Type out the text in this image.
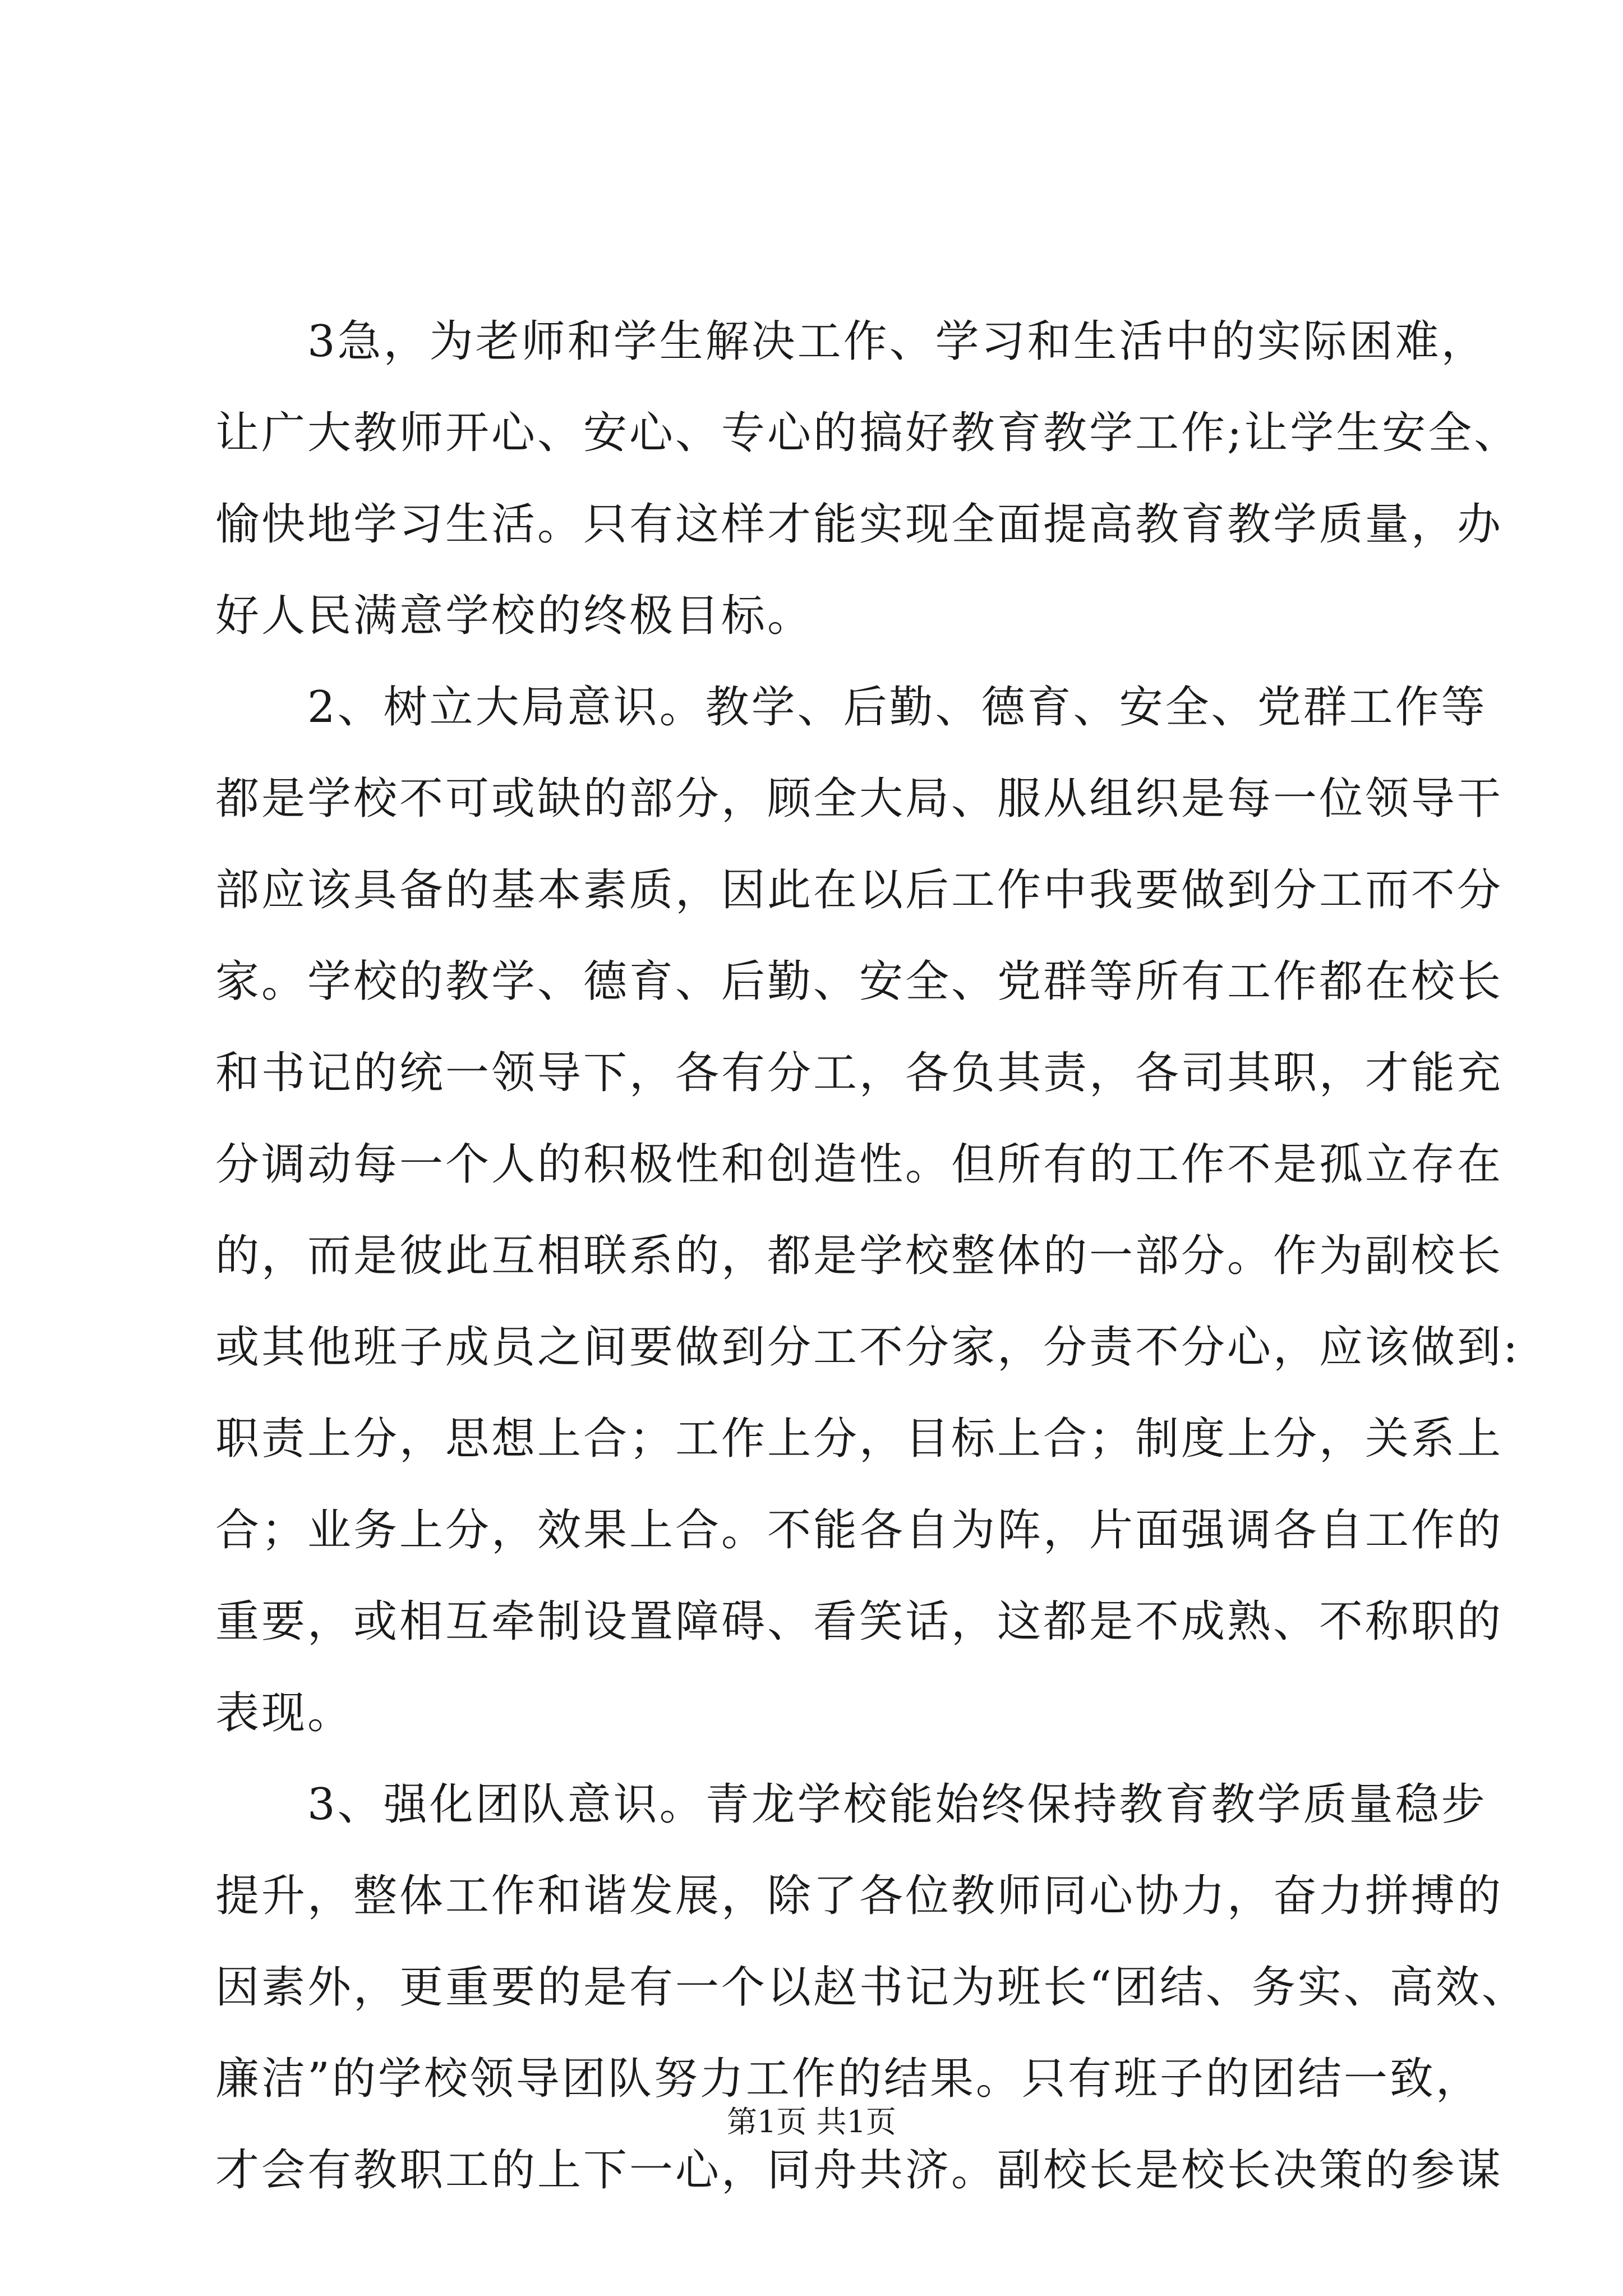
3急，为老师和学生解决工作、学习和生活中的实际困难，
让广大教师开心、安心、专心的搞好教育教学工作;让学生安全、
愉快地学习生活。只有这样才能实现全面提高教育教学质量，办
好人民满意学校的终极目标。
2、树立大局意识。教学、后勤、德育、安全、党群工作等
都是学校不可或缺的部分，顾全大局、服从组织是每一位领导干
部应该具备的基本素质，因此在以后工作中我要做到分工而不分
家。学校的教学、德育、后勤、安全、党群等所有工作都在校长
和书记的统一领导下，各有分工，各负其责，各司其职，才能充
分调动每一个人的积极性和创造性。但所有的工作不是孤立存在
的，而是彼此互相联系的，都是学校整体的一部分。作为副校长
或其他班子成员之间要做到分工不分家，分责不分心，应该做到:
职责上分，思想上合；工作上分，目标上合；制度上分，关系上
合；业务上分，效果上合。不能各自为阵，片面强调各自工作的
重要，或相互牵制设置障碍、看笑话，这都是不成熟、不称职的
表现。
3、强化团队意识。青龙学校能始终保持教育教学质量稳步
提升，整体工作和谐发展，除了各位教师同心协力，奋力拼搏的
因素外，更重要的是有一个以赵书记为班长“团结、务实、高效、
廉洁”的学校领导团队努力工作的结果。只有班子的团结一致，
才会有教职工的上下一心，同舟共济。副校长是校长决策的参谋
第1页 共1页
